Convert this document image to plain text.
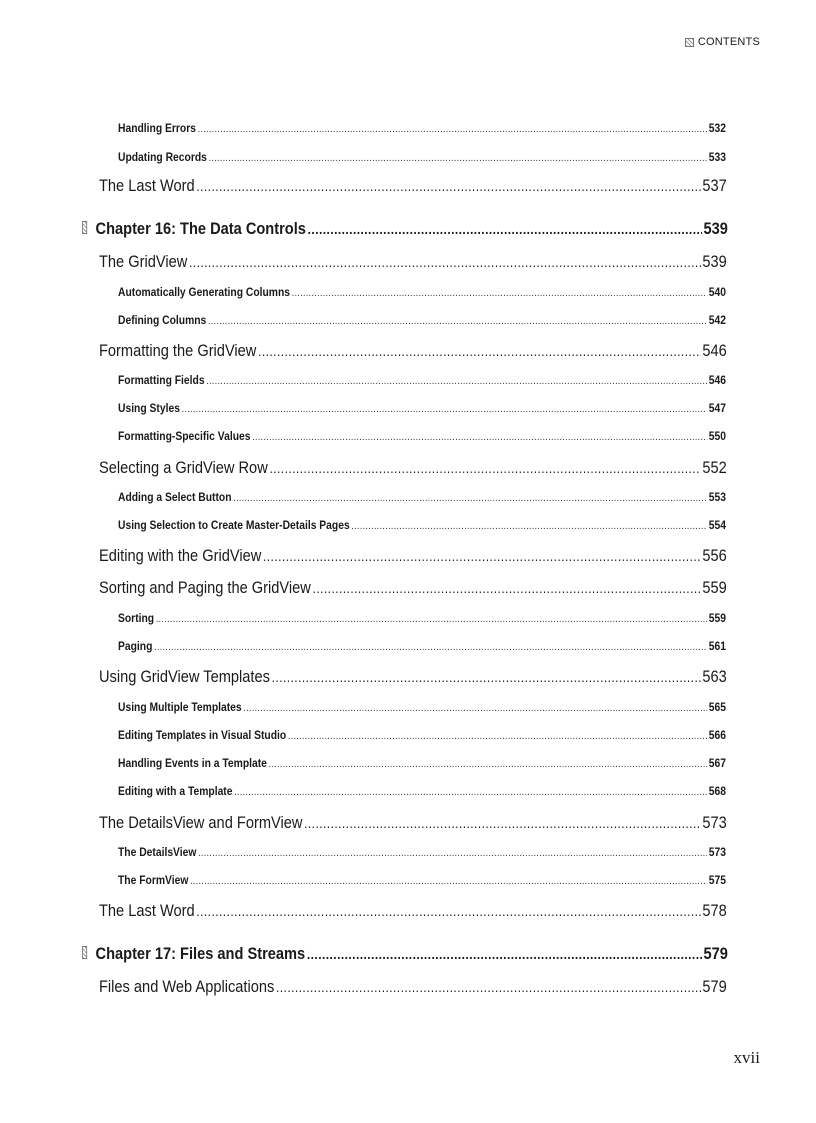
CONTENTS
Handling Errors .....	532
Updating Records .....	533
The Last Word .....	537
Chapter 16: The Data Controls .....	539
The GridView .....	539
Automatically Generating Columns .....	540
Defining Columns .....	542
Formatting the GridView .....	546
Formatting Fields .....	546
Using Styles .....	547
Formatting-Specific Values .....	550
Selecting a GridView Row .....	552
Adding a Select Button .....	553
Using Selection to Create Master-Details Pages .....	554
Editing with the GridView .....	556
Sorting and Paging the GridView .....	559
Sorting .....	559
Paging .....	561
Using GridView Templates .....	563
Using Multiple Templates .....	565
Editing Templates in Visual Studio .....	566
Handling Events in a Template .....	567
Editing with a Template .....	568
The DetailsView and FormView .....	573
The DetailsView .....	573
The FormView .....	575
The Last Word .....	578
Chapter 17: Files and Streams .....	579
Files and Web Applications .....	579
xvii
